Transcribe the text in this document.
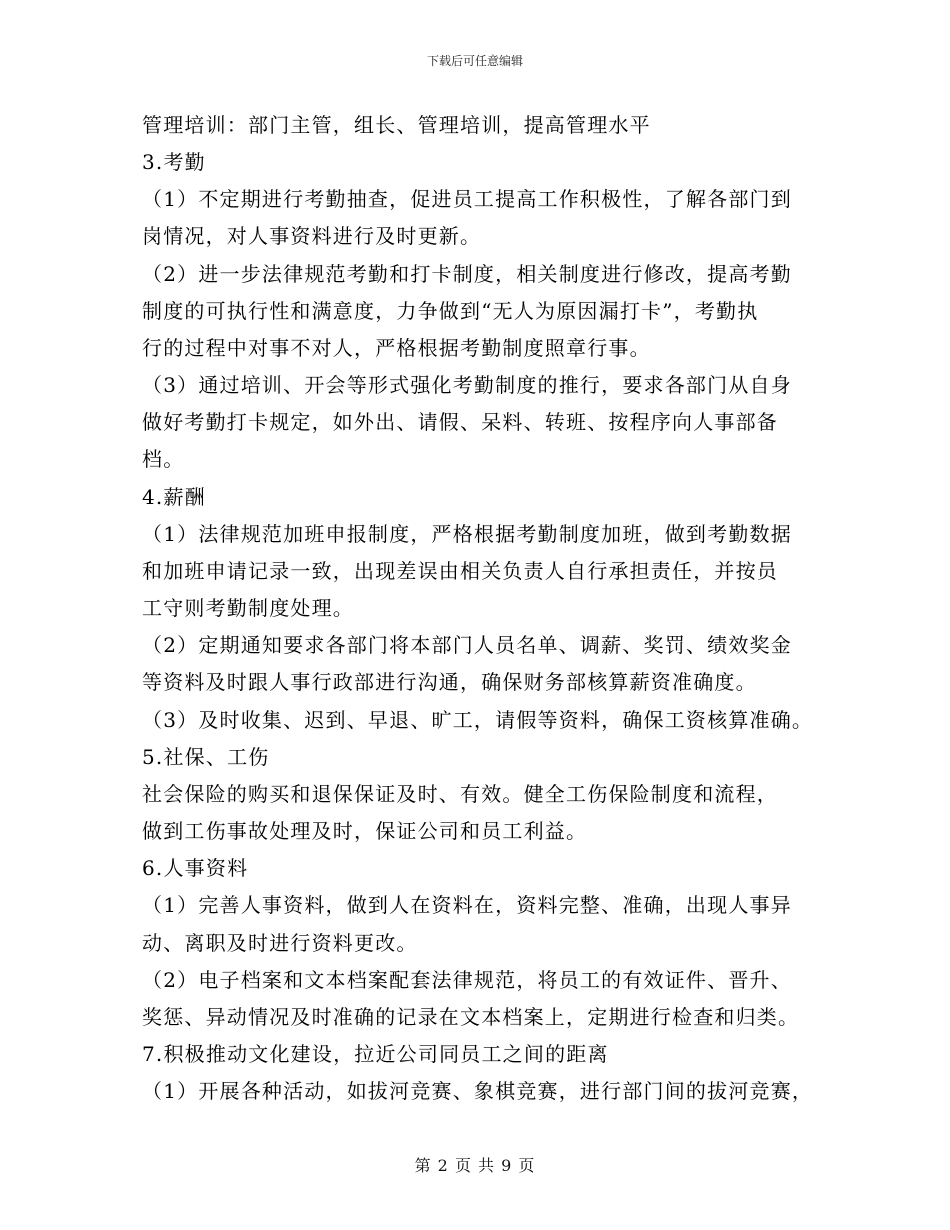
下载后可任意编辑
管理培训：部门主管，组长、管理培训，提高管理水平
3.考勤
（1）不定期进行考勤抽查，促进员工提高工作积极性，了解各部门到
岗情况，对人事资料进行及时更新。
（2）进一步法律规范考勤和打卡制度，相关制度进行修改，提高考勤
制度的可执行性和满意度，力争做到“无人为原因漏打卡”，考勤执
行的过程中对事不对人，严格根据考勤制度照章行事。
（3）通过培训、开会等形式强化考勤制度的推行，要求各部门从自身
做好考勤打卡规定，如外出、请假、呆料、转班、按程序向人事部备
档。
4.薪酬
（1）法律规范加班申报制度，严格根据考勤制度加班，做到考勤数据
和加班申请记录一致，出现差误由相关负责人自行承担责任，并按员
工守则考勤制度处理。
（2）定期通知要求各部门将本部门人员名单、调薪、奖罚、绩效奖金
等资料及时跟人事行政部进行沟通，确保财务部核算薪资准确度。
（3）及时收集、迟到、早退、旷工，请假等资料，确保工资核算准确。
5.社保、工伤
社会保险的购买和退保保证及时、有效。健全工伤保险制度和流程，
做到工伤事故处理及时，保证公司和员工利益。
6.人事资料
（1）完善人事资料，做到人在资料在，资料完整、准确，出现人事异
动、离职及时进行资料更改。
（2）电子档案和文本档案配套法律规范，将员工的有效证件、晋升、
奖惩、异动情况及时准确的记录在文本档案上，定期进行检查和归类。
7.积极推动文化建设，拉近公司同员工之间的距离
（1）开展各种活动，如拔河竞赛、象棋竞赛，进行部门间的拔河竞赛，
第 2 页 共 9 页
